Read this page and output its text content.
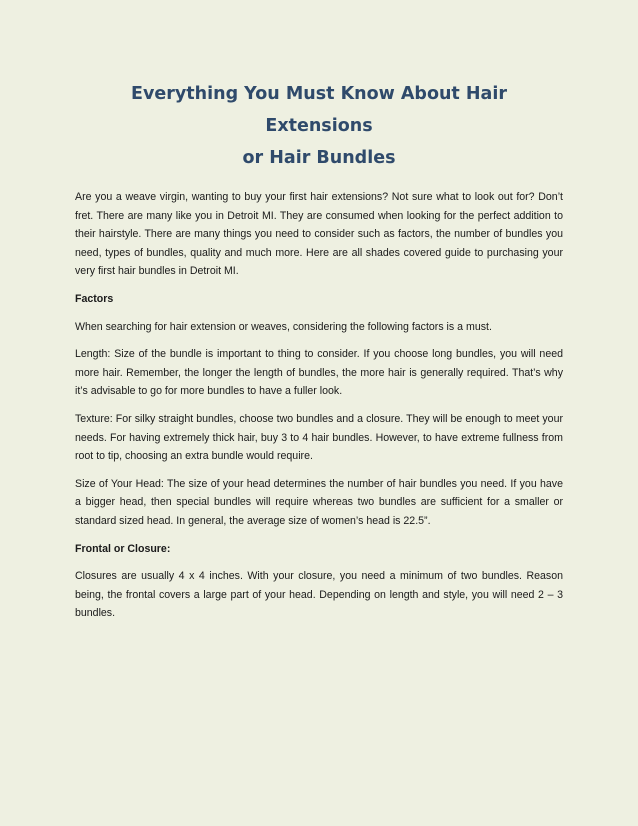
Everything You Must Know About Hair Extensions
or Hair Bundles

Are you a weave virgin, wanting to buy your first hair extensions? Not sure what to look out for? Don’t fret. There are many like you in Detroit MI. They are consumed when looking for the perfect addition to their hairstyle. There are many things you need to consider such as factors, the number of bundles you need, types of bundles, quality and much more. Here are all shades covered guide to purchasing your very first hair bundles in Detroit MI.

Factors

When searching for hair extension or weaves, considering the following factors is a must.

Length: Size of the bundle is important to thing to consider. If you choose long bundles, you will need more hair. Remember, the longer the length of bundles, the more hair is generally required. That’s why it’s advisable to go for more bundles to have a fuller look.

Texture: For silky straight bundles, choose two bundles and a closure. They will be enough to meet your needs. For having extremely thick hair, buy 3 to 4 hair bundles. However, to have extreme fullness from root to tip, choosing an extra bundle would require.

Size of Your Head: The size of your head determines the number of hair bundles you need. If you have a bigger head, then special bundles will require whereas two bundles are sufficient for a smaller or standard sized head. In general, the average size of women’s head is 22.5”.

Frontal or Closure:

Closures are usually 4 x 4 inches. With your closure, you need a minimum of two bundles. Reason being, the frontal covers a large part of your head. Depending on length and style, you will need 2 – 3 bundles.
